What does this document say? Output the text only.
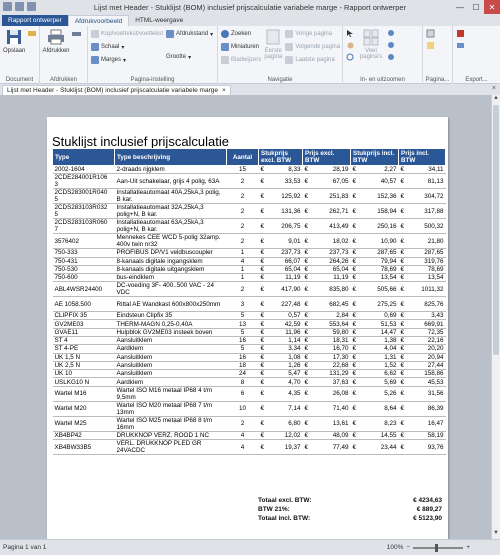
Lijst met Header - Stuklijst (BOM) inclusief prijscalculatie variabele marge - Rapport ontwerper	—	☐	✕
Rapport ontwerper	Afdrukvoorbeeld	HTML-weergave
Opslaan
Document
Afdrukken
Afdrukken
Kop/voettekst/voettekst
Schaal ▾
Marges ▾
Afdrukstand ▾
Grootte ▾
Pagina-instelling
Zoeken
Miniaturen
Bladwijzers
Eerste pagina
Vorige pagina
Volgende pagina
Laatste pagina
Navigatie
Veel pagina's
In- en uitzoomen	Pagina...	Export...
Lijst met Header - Stuklijst (BOM) inclusief prijscalculatie variabele marge ×	×
▲
▼
Stuklijst inclusief prijscalculatie
Type	Type beschrijving	Aantal	Stukprijs excl. BTW	Prijs excl. BTW	Stukprijs incl. BTW	Prijs incl. BTW
2002-1604	2-draads rijgklem	15	€ 8,33	€ 28,19	€ 2,27	€ 34,11

2CDE284001R106 3	Aan-Uit schakelaar, grijs 4 polig, 63A	2	€ 33,53	€ 67,05	€ 40,57	€ 81,13

2CDS283001R040 5	Installatieautomaat 40A,25kA,3 polig, B kar.	2	€ 125,92	€ 251,83	€ 152,36	€ 304,72

2CDS283103R032 5	Installatieautomaat 32A,25kA,3 polig+N, B kar.	2	€ 131,36	€ 262,71	€ 158,94	€ 317,88

2CDS283103R060 7	Installatieautomaat 63A,25kA,3 polig+N, B kar.	2	€ 206,75	€ 413,49	€ 250,16	€ 500,32

3576402	Mennekes CEE WCD 5-polig 32amp. 400v twin nr32	2	€ 9,01	€ 18,02	€ 10,90	€ 21,80

750-333	PROFIBUS DP/V1 veldbuscoupler	1	€ 237,73	€ 237,73	€ 287,65	€ 287,65

750-431	8-kanaals digitale ingangsklem	4	€ 66,07	€ 264,26	€ 79,94	€ 319,76

750-530	8-kanaals digitale uitgangsklem	1	€ 65,04	€ 65,04	€ 78,69	€ 78,69

750-600	bus-eindklem	1	€ 11,19	€ 11,19	€ 13,54	€ 13,54

ABL4WSR24400	DC-voeding 3F- 400..500 VAC - 24 VDC	2	€ 417,90	€ 835,80	€ 505,66	€ 1011,32

AE 1058.500	Rittal AE Wandkast 600x800x250mm	3	€ 227,48	€ 682,45	€ 275,25	€ 825,76

CLIPFIX 35	Eindsteun Clipfix 35	5	€ 0,57	€ 2,84	€ 0,69	€ 3,43

GV2ME03	THERM-MAGN 0,25-0,40A	13	€ 42,59	€ 553,64	€ 51,53	€ 669,91

GVAE11	Hulpblok GV2ME03 insteek boven	5	€ 11,96	€ 59,80	€ 14,47	€ 72,35

ST 4	Aansluitklem	16	€ 1,14	€ 18,31	€ 1,38	€ 22,16

ST 4-PE	Aardklem	5	€ 3,34	€ 16,70	€ 4,04	€ 20,20

UK 1,5 N	Aansluitklem	16	€ 1,08	€ 17,30	€ 1,31	€ 20,94

UK 2,5 N	Aansluitklem	18	€ 1,26	€ 22,68	€ 1,52	€ 27,44

UK 10	Aansluitklem	24	€ 5,47	€ 131,29	€ 6,62	€ 158,86

USLKG10 N	Aardklem	8	€ 4,70	€ 37,63	€ 5,69	€ 45,53

Wartel M16	Wartel ISO M16 metaal IP68 4 t/m 9,5mm	6	€ 4,35	€ 26,08	€ 5,26	€ 31,56

Wartel M20	Wartel ISO M20 metaal IP68 7 t/m 13mm	10	€ 7,14	€ 71,40	€ 8,64	€ 86,39

Wartel M25	Wartel ISO M25 metaal IP68 8 t/m 16mm	2	€ 6,80	€ 13,61	€ 8,23	€ 16,47

XB4BP42	DRUKKNOP VERZ. ROOD 1 NC	4	€ 12,02	€ 48,09	€ 14,55	€ 58,19

XB4BW33B5	VERL. DRUKKNOP PLED GR 24VACDC	4	€ 19,37	€ 77,49	€ 23,44	€ 93,76
Totaal excl. BTW:	€ 4234,63
BTW 21%:	€ 889,27
Totaal incl. BTW:	€ 5123,90
Pagina 1 van 1	100% −	+
